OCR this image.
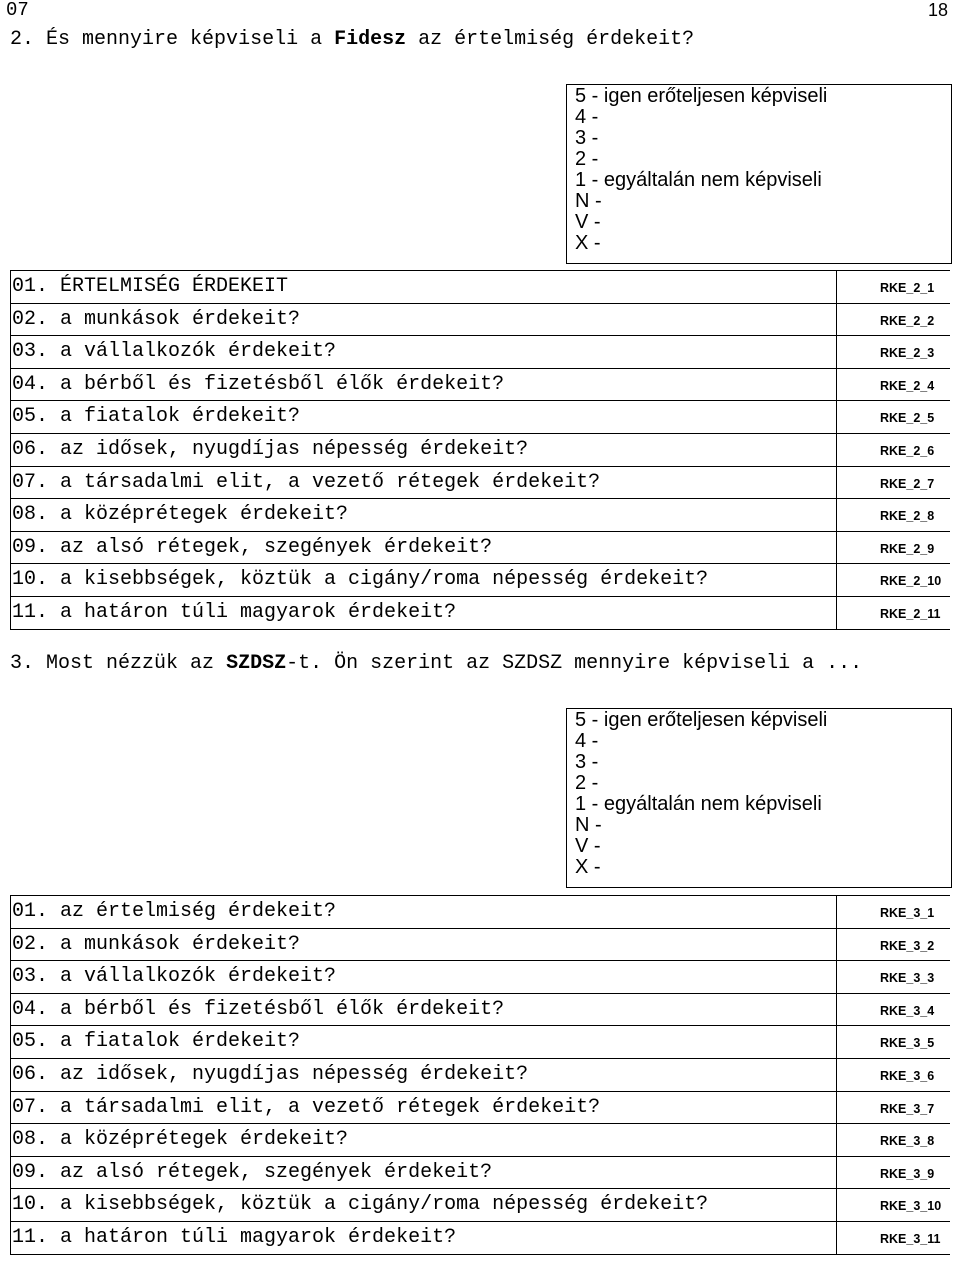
07	18
2. És mennyire képviseli a Fidesz az értelmiség érdekeit?
5 - igen erőteljesen képviseli
4 -
3 -
2 -
1 - egyáltalán nem képviseli
N -
V -
X -
01. ÉRTELMISÉG ÉRDEKEIT	RKE_2_1
02. a munkások érdekeit?	RKE_2_2
03. a vállalkozók érdekeit?	RKE_2_3
04. a bérből és fizetésből élők érdekeit?	RKE_2_4
05. a fiatalok érdekeit?	RKE_2_5
06. az idősek, nyugdíjas népesség érdekeit?	RKE_2_6
07. a társadalmi elit, a vezető rétegek érdekeit?	RKE_2_7
08. a középrétegek érdekeit?	RKE_2_8
09. az alsó rétegek, szegények érdekeit?	RKE_2_9
10. a kisebbségek, köztük a cigány/roma népesség érdekeit?	RKE_2_10
11. a határon túli magyarok érdekeit?	RKE_2_11
3. Most nézzük az SZDSZ-t. Ön szerint az SZDSZ mennyire képviseli a ...
5 - igen erőteljesen képviseli
4 -
3 -
2 -
1 - egyáltalán nem képviseli
N -
V -
X -
01. az értelmiség érdekeit?	RKE_3_1
02. a munkások érdekeit?	RKE_3_2
03. a vállalkozók érdekeit?	RKE_3_3
04. a bérből és fizetésből élők érdekeit?	RKE_3_4
05. a fiatalok érdekeit?	RKE_3_5
06. az idősek, nyugdíjas népesség érdekeit?	RKE_3_6
07. a társadalmi elit, a vezető rétegek érdekeit?	RKE_3_7
08. a középrétegek érdekeit?	RKE_3_8
09. az alsó rétegek, szegények érdekeit?	RKE_3_9
10. a kisebbségek, köztük a cigány/roma népesség érdekeit?	RKE_3_10
11. a határon túli magyarok érdekeit?	RKE_3_11
